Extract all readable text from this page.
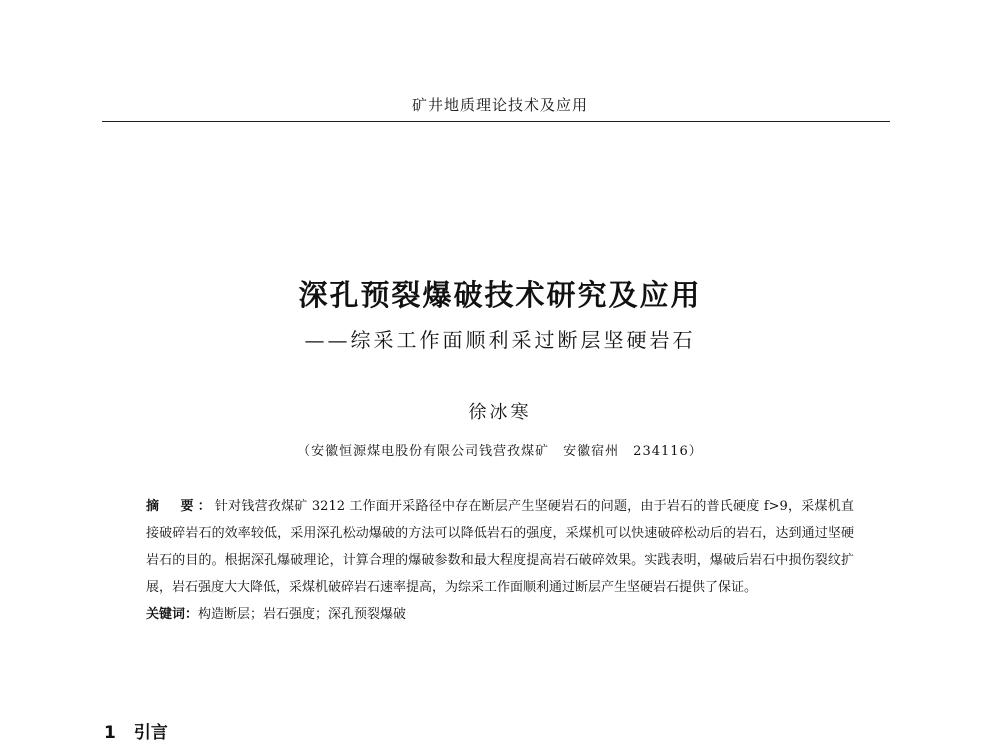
矿井地质理论技术及应用
深孔预裂爆破技术研究及应用
——综采工作面顺利采过断层坚硬岩石
徐冰寒
（安徽恒源煤电股份有限公司钱营孜煤矿　安徽宿州　234116）

摘　要：针对钱营孜煤矿 3212 工作面开采路径中存在断层产生坚硬岩石的问题，由于岩石的普氏硬度 f>9，采煤机直接破碎岩石的效率较低，采用深孔松动爆破的方法可以降低岩石的强度，采煤机可以快速破碎松动后的岩石，达到通过坚硬岩石的目的。根据深孔爆破理论，计算合理的爆破参数和最大程度提高岩石破碎效果。实践表明，爆破后岩石中损伤裂纹扩展，岩石强度大大降低，采煤机破碎岩石速率提高，为综采工作面顺利通过断层产生坚硬岩石提供了保证。

关键词：构造断层；岩石强度；深孔预裂爆破

1 引言
